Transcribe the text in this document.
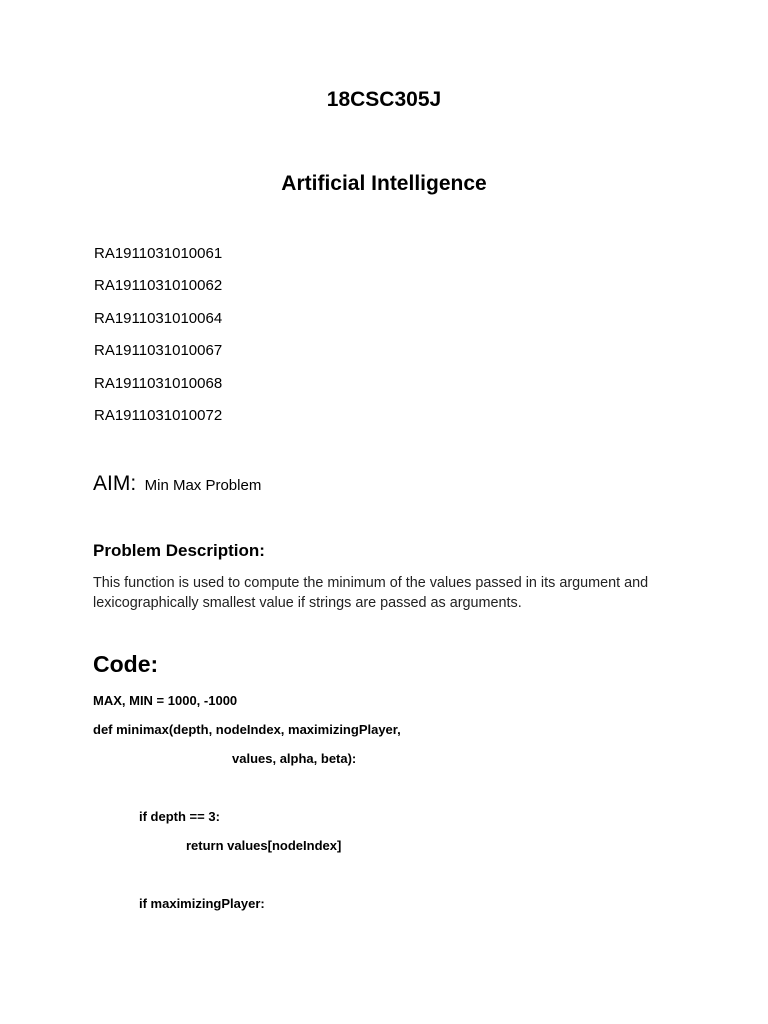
18CSC305J
Artificial Intelligence
RA1911031010061
RA1911031010062
RA1911031010064
RA1911031010067
RA1911031010068
RA1911031010072
AIM: Min Max Problem
Problem Description:
This function is used to compute the minimum of the values passed in its argument and lexicographically smallest value if strings are passed as arguments.
Code:
MAX, MIN = 1000, -1000
def minimax(depth, nodeIndex, maximizingPlayer,
values, alpha, beta):
if depth == 3:
return values[nodeIndex]
if maximizingPlayer:
